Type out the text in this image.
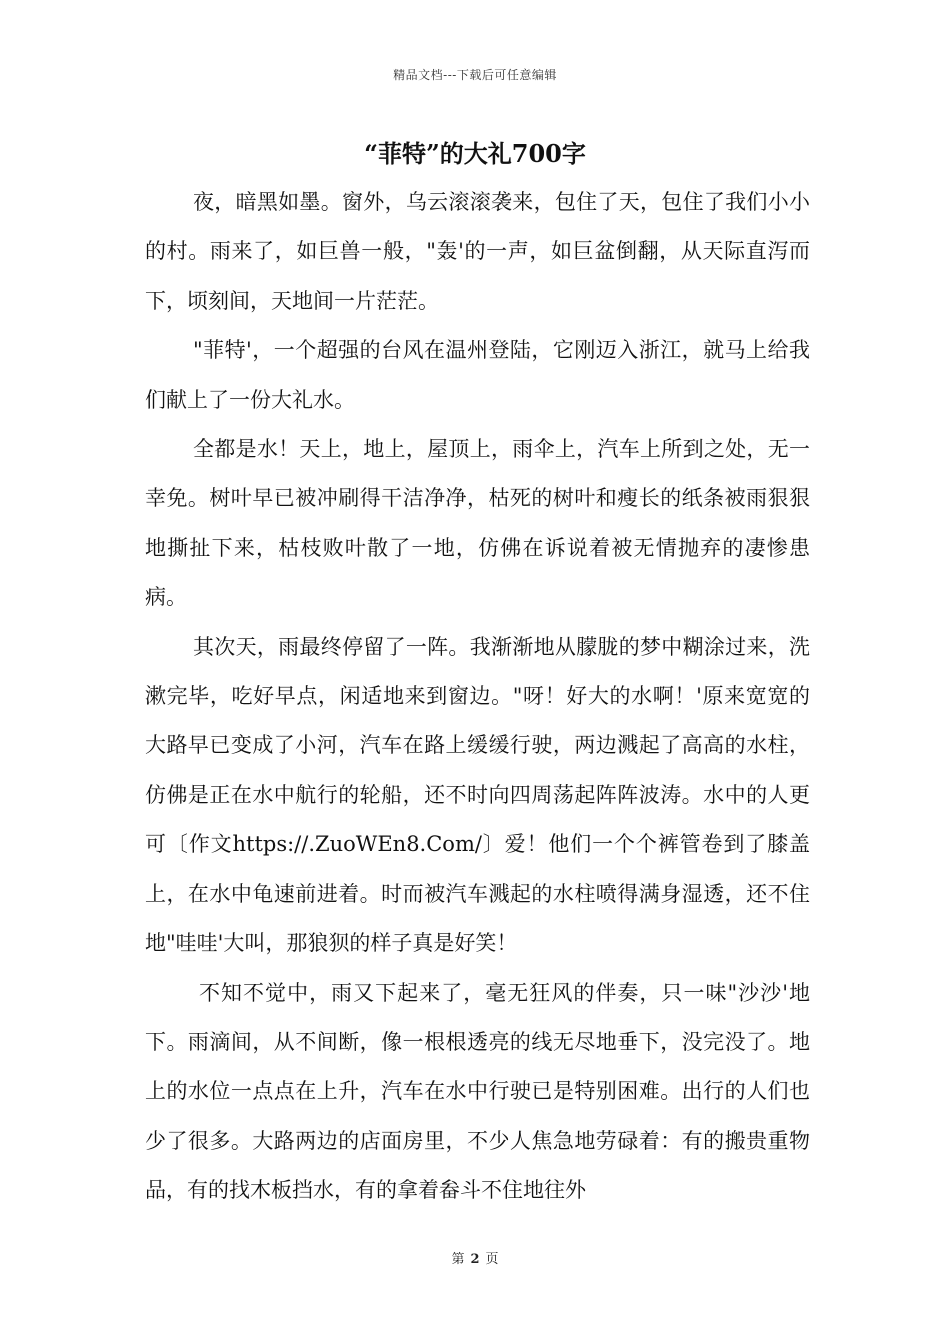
精品文档---下载后可任意编辑
“菲特”的大礼700字

夜，暗黑如墨。窗外，乌云滚滚袭来，包住了天，包住了我们小小的村。雨来了，如巨兽一般，"轰'的一声，如巨盆倒翻，从天际直泻而下，顷刻间，天地间一片茫茫。

"菲特'，一个超强的台风在温州登陆，它刚迈入浙江，就马上给我们献上了一份大礼水。

全都是水！天上，地上，屋顶上，雨伞上，汽车上所到之处，无一幸免。树叶早已被冲刷得干洁净净，枯死的树叶和瘦长的纸条被雨狠狠地撕扯下来，枯枝败叶散了一地，仿佛在诉说着被无情抛弃的凄惨患病。

其次天，雨最终停留了一阵。我渐渐地从朦胧的梦中糊涂过来，洗漱完毕，吃好早点，闲适地来到窗边。"呀！好大的水啊！'原来宽宽的大路早已变成了小河，汽车在路上缓缓行驶，两边溅起了高高的水柱，仿佛是正在水中航行的轮船，还不时向四周荡起阵阵波涛。水中的人更可〔作文https://.ZuoWEn8.Com/〕爱！他们一个个裤管卷到了膝盖上，在水中龟速前进着。时而被汽车溅起的水柱喷得满身湿透，还不住地"哇哇'大叫，那狼狈的样子真是好笑！

不知不觉中，雨又下起来了，毫无狂风的伴奏，只一味"沙沙'地下。雨滴间，从不间断，像一根根透亮的线无尽地垂下，没完没了。地上的水位一点点在上升，汽车在水中行驶已是特别困难。出行的人们也少了很多。大路两边的店面房里，不少人焦急地劳碌着：有的搬贵重物品，有的找木板挡水，有的拿着畚斗不住地往外

第 2 页
